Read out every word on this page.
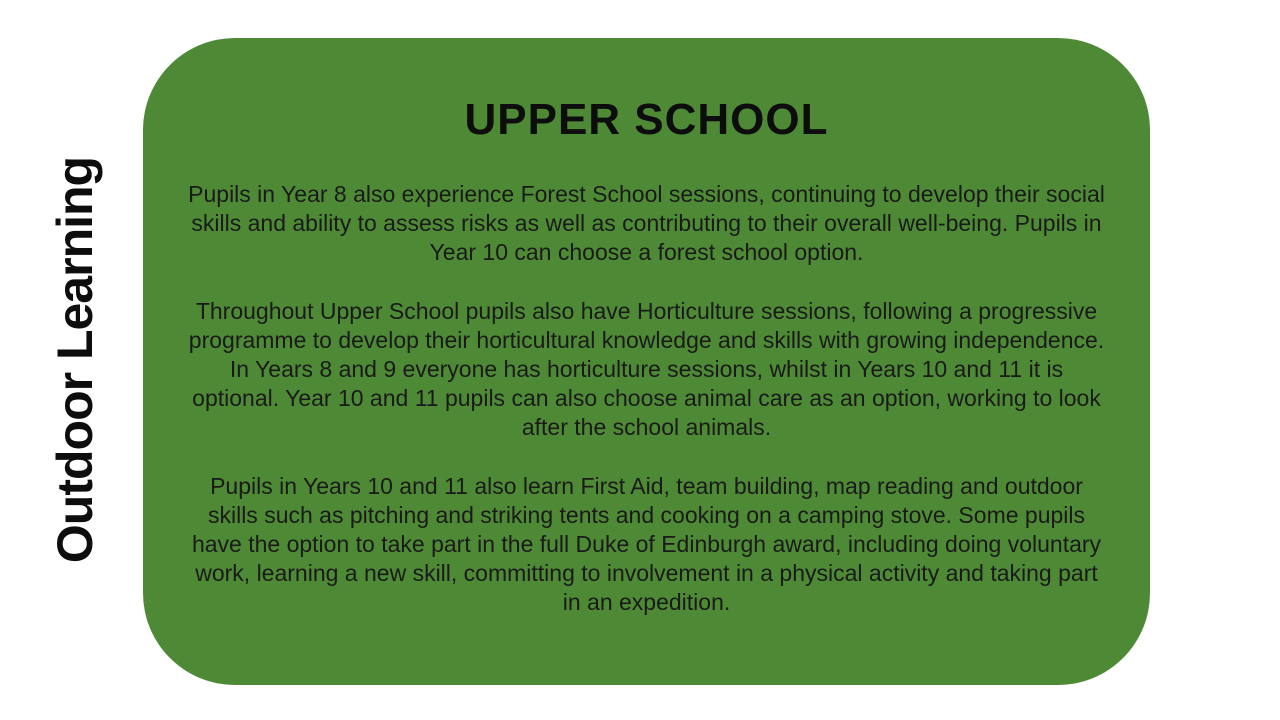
Outdoor Learning
UPPER SCHOOL

Pupils in Year 8 also experience Forest School sessions, continuing to develop their social skills and ability to assess risks as well as contributing to their overall well-being. Pupils in Year 10 can choose a forest school option.

Throughout Upper School pupils also have Horticulture sessions, following a progressive programme to develop their horticultural knowledge and skills with growing independence. In Years 8 and 9 everyone has horticulture sessions, whilst in Years 10 and 11 it is optional. Year 10 and 11 pupils can also choose animal care as an option, working to look after the school animals.

Pupils in Years 10 and 11 also learn First Aid, team building, map reading and outdoor skills such as pitching and striking tents and cooking on a camping stove. Some pupils have the option to take part in the full Duke of Edinburgh award, including doing voluntary work, learning a new skill, committing to involvement in a physical activity and taking part in an expedition.
